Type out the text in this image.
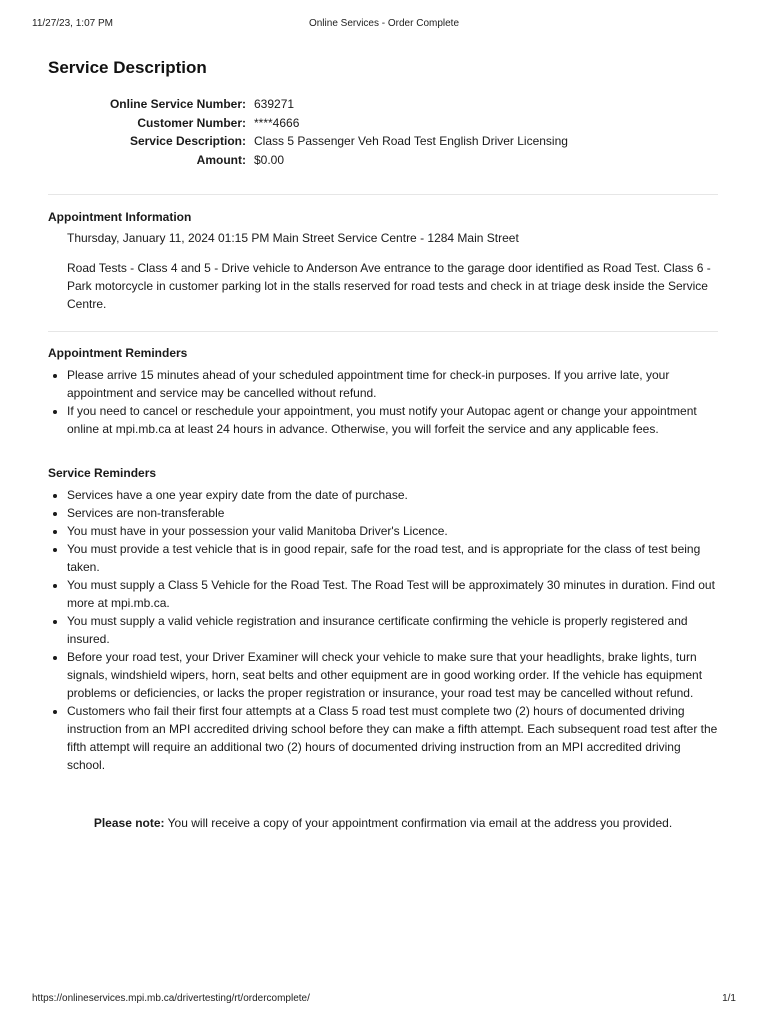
11/27/23, 1:07 PM	Online Services - Order Complete
Service Description
Online Service Number: 639271
Customer Number: ****4666
Service Description: Class 5 Passenger Veh Road Test English Driver Licensing
Amount: $0.00
Appointment Information
Thursday, January 11, 2024 01:15 PM Main Street Service Centre - 1284 Main Street
Road Tests - Class 4 and 5 - Drive vehicle to Anderson Ave entrance to the garage door identified as Road Test. Class 6 - Park motorcycle in customer parking lot in the stalls reserved for road tests and check in at triage desk inside the Service Centre.
Appointment Reminders
• Please arrive 15 minutes ahead of your scheduled appointment time for check-in purposes. If you arrive late, your appointment and service may be cancelled without refund.
• If you need to cancel or reschedule your appointment, you must notify your Autopac agent or change your appointment online at mpi.mb.ca at least 24 hours in advance. Otherwise, you will forfeit the service and any applicable fees.
Service Reminders
• Services have a one year expiry date from the date of purchase.
• Services are non-transferable
• You must have in your possession your valid Manitoba Driver's Licence.
• You must provide a test vehicle that is in good repair, safe for the road test, and is appropriate for the class of test being taken.
• You must supply a Class 5 Vehicle for the Road Test. The Road Test will be approximately 30 minutes in duration. Find out more at mpi.mb.ca.
• You must supply a valid vehicle registration and insurance certificate confirming the vehicle is properly registered and insured.
• Before your road test, your Driver Examiner will check your vehicle to make sure that your headlights, brake lights, turn signals, windshield wipers, horn, seat belts and other equipment are in good working order. If the vehicle has equipment problems or deficiencies, or lacks the proper registration or insurance, your road test may be cancelled without refund.
• Customers who fail their first four attempts at a Class 5 road test must complete two (2) hours of documented driving instruction from an MPI accredited driving school before they can make a fifth attempt. Each subsequent road test after the fifth attempt will require an additional two (2) hours of documented driving instruction from an MPI accredited driving school.
Please note: You will receive a copy of your appointment confirmation via email at the address you provided.
https://onlineservices.mpi.mb.ca/drivertesting/rt/ordercomplete/	1/1
